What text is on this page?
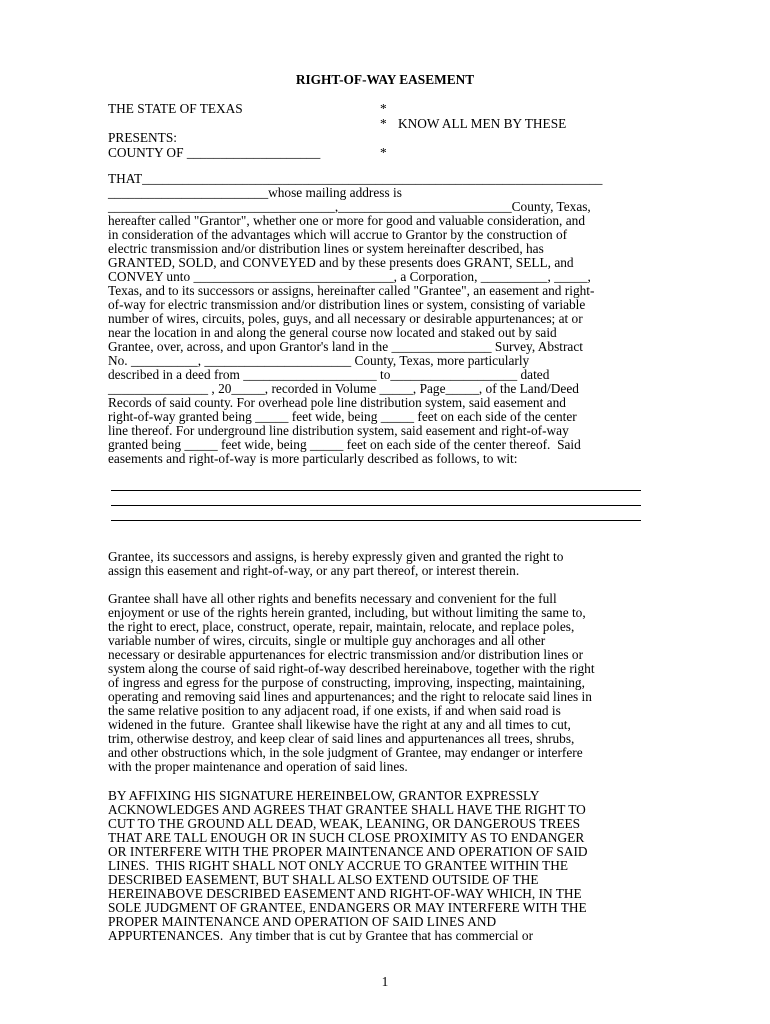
RIGHT-OF-WAY EASEMENT
THE STATE OF TEXAS	*
* KNOW ALL MEN BY THESE
PRESENTS:
COUNTY OF ____________________	*
THAT_____________________________________________________________________
________________________whose mailing address is
__________________________________,__________________________County, Texas,
hereafter called "Grantor", whether one or more for good and valuable consideration, and
in consideration of the advantages which will accrue to Grantor by the construction of
electric transmission and/or distribution lines or system hereinafter described, has
GRANTED, SOLD, and CONVEYED and by these presents does GRANT, SELL, and
CONVEY unto ______________________________, a Corporation, __________, _____,
Texas, and to its successors or assigns, hereinafter called "Grantee", an easement and right-
of-way for electric transmission and/or distribution lines or system, consisting of variable
number of wires, circuits, poles, guys, and all necessary or desirable appurtenances; at or
near the location in and along the general course now located and staked out by said
Grantee, over, across, and upon Grantor's land in the _______________ Survey, Abstract
No. __________, ______________________ County, Texas, more particularly
described in a deed from ____________________ to___________________ dated
_______________ , 20_____, recorded in Volume _____, Page_____, of the Land/Deed
Records of said county. For overhead pole line distribution system, said easement and
right-of-way granted being _____ feet wide, being _____ feet on each side of the center
line thereof. For underground line distribution system, said easement and right-of-way
granted being _____ feet wide, being _____ feet on each side of the center thereof.  Said
easements and right-of-way is more particularly described as follows, to wit:
Grantee, its successors and assigns, is hereby expressly given and granted the right to
assign this easement and right-of-way, or any part thereof, or interest therein.
Grantee shall have all other rights and benefits necessary and convenient for the full
enjoyment or use of the rights herein granted, including, but without limiting the same to,
the right to erect, place, construct, operate, repair, maintain, relocate, and replace poles,
variable number of wires, circuits, single or multiple guy anchorages and all other
necessary or desirable appurtenances for electric transmission and/or distribution lines or
system along the course of said right-of-way described hereinabove, together with the right
of ingress and egress for the purpose of constructing, improving, inspecting, maintaining,
operating and removing said lines and appurtenances; and the right to relocate said lines in
the same relative position to any adjacent road, if one exists, if and when said road is
widened in the future.  Grantee shall likewise have the right at any and all times to cut,
trim, otherwise destroy, and keep clear of said lines and appurtenances all trees, shrubs,
and other obstructions which, in the sole judgment of Grantee, may endanger or interfere
with the proper maintenance and operation of said lines.
BY AFFIXING HIS SIGNATURE HEREINBELOW, GRANTOR EXPRESSLY
ACKNOWLEDGES AND AGREES THAT GRANTEE SHALL HAVE THE RIGHT TO
CUT TO THE GROUND ALL DEAD, WEAK, LEANING, OR DANGEROUS TREES
THAT ARE TALL ENOUGH OR IN SUCH CLOSE PROXIMITY AS TO ENDANGER
OR INTERFERE WITH THE PROPER MAINTENANCE AND OPERATION OF SAID
LINES.  THIS RIGHT SHALL NOT ONLY ACCRUE TO GRANTEE WITHIN THE
DESCRIBED EASEMENT, BUT SHALL ALSO EXTEND OUTSIDE OF THE
HEREINABOVE DESCRIBED EASEMENT AND RIGHT-OF-WAY WHICH, IN THE
SOLE JUDGMENT OF GRANTEE, ENDANGERS OR MAY INTERFERE WITH THE
PROPER MAINTENANCE AND OPERATION OF SAID LINES AND
APPURTENANCES.  Any timber that is cut by Grantee that has commercial or
1
